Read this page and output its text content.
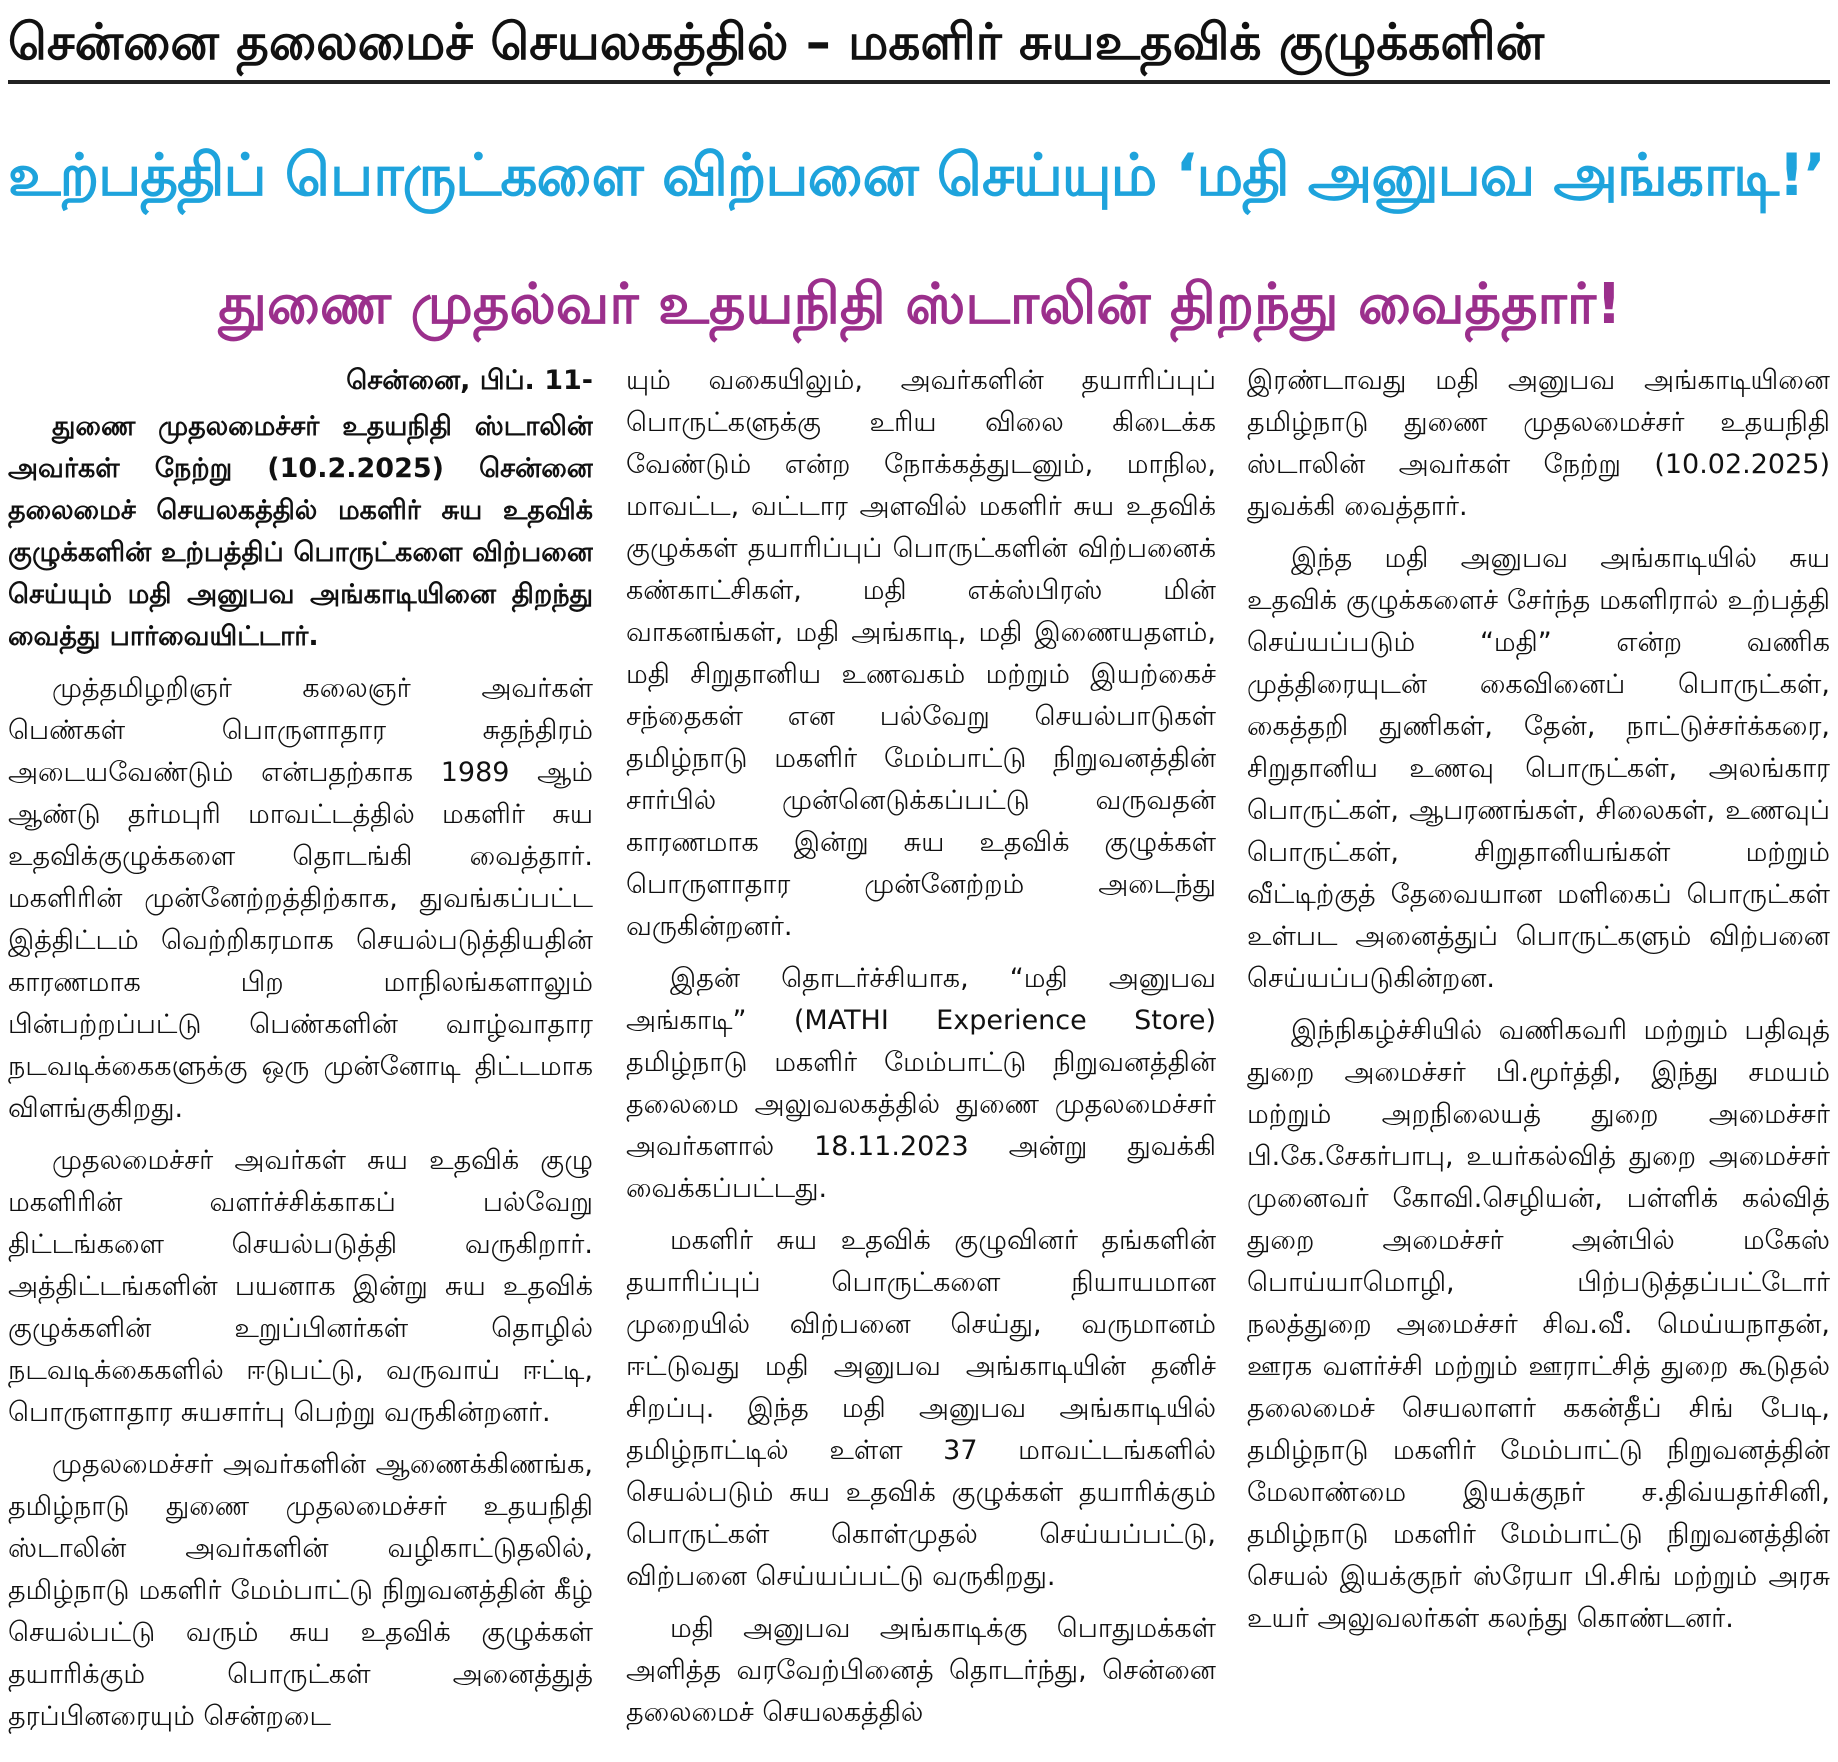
சென்னை தலைமைச் செயலகத்தில் – மகளிர் சுயஉதவிக் குழுக்களின்
உற்பத்திப் பொருட்களை விற்பனை செய்யும் ‘மதி அனுபவ அங்காடி!’
துணை முதல்வர் உதயநிதி ஸ்டாலின் திறந்து வைத்தார்!
சென்னை, பிப். 11-

துணை முதலமைச்சர் உதயநிதி ஸ்டாலின் அவர்கள் நேற்று (10.2.2025) சென்னை தலைமைச் செயலகத்தில் மகளிர் சுய உதவிக் குழுக்களின் உற்பத்திப் பொருட்களை விற்பனை செய்யும் மதி அனுபவ அங்காடியினை திறந்து வைத்து பார்வையிட்டார்.

முத்தமிழறிஞர் கலைஞர் அவர்கள் பெண்கள் பொருளாதார சுதந்திரம் அடையவேண்டும் என்பதற்காக 1989 ஆம் ஆண்டு தர்மபுரி மாவட்டத்தில் மகளிர் சுய உதவிக்குழுக்களை தொடங்கி வைத்தார். மகளிரின் முன்னேற்றத்திற்காக, துவங்கப்பட்ட இத்திட்டம் வெற்றிகரமாக செயல்படுத்தியதின் காரணமாக பிற மாநிலங்களாலும் பின்பற்றப்பட்டு பெண்களின் வாழ்வாதார நடவடிக்கைகளுக்கு ஒரு முன்னோடி திட்டமாக விளங்குகிறது.

முதலமைச்சர் அவர்கள் சுய உதவிக் குழு மகளிரின் வளர்ச்சிக்காகப் பல்வேறு திட்டங்களை செயல்படுத்தி வருகிறார். அத்திட்டங்களின் பயனாக இன்று சுய உதவிக் குழுக்களின் உறுப்பினர்கள் தொழில் நடவடிக்கைகளில் ஈடுபட்டு, வருவாய் ஈட்டி, பொருளாதார சுயசார்பு பெற்று வருகின்றனர்.

முதலமைச்சர் அவர்களின் ஆணைக்கிணங்க, தமிழ்நாடு துணை முதலமைச்சர் உதயநிதி ஸ்டாலின் அவர்களின் வழிகாட்டுதலில், தமிழ்நாடு மகளிர் மேம்பாட்டு நிறுவனத்தின் கீழ் செயல்பட்டு வரும் சுய உதவிக் குழுக்கள் தயாரிக்கும் பொருட்கள் அனைத்துத் தரப்பினரையும் சென்றடை

யும் வகையிலும், அவர்களின் தயாரிப்புப் பொருட்களுக்கு உரிய விலை கிடைக்க வேண்டும் என்ற நோக்கத்துடனும், மாநில, மாவட்ட, வட்டார அளவில் மகளிர் சுய உதவிக் குழுக்கள் தயாரிப்புப் பொருட்களின் விற்பனைக் கண்காட்சிகள், மதி எக்ஸ்பிரஸ் மின் வாகனங்கள், மதி அங்காடி, மதி இணையதளம், மதி சிறுதானிய உணவகம் மற்றும் இயற்கைச் சந்தைகள் என பல்வேறு செயல்பாடுகள் தமிழ்நாடு மகளிர் மேம்பாட்டு நிறுவனத்தின் சார்பில் முன்னெடுக்கப்பட்டு வருவதன் காரணமாக இன்று சுய உதவிக் குழுக்கள் பொருளாதார முன்னேற்றம் அடைந்து வருகின்றனர்.

இதன் தொடர்ச்சியாக, “மதி அனுபவ அங்காடி” (MATHI Experience Store) தமிழ்நாடு மகளிர் மேம்பாட்டு நிறுவனத்தின் தலைமை அலுவலகத்தில் துணை முதலமைச்சர் அவர்களால் 18.11.2023 அன்று துவக்கி வைக்கப்பட்டது.

மகளிர் சுய உதவிக் குழுவினர் தங்களின் தயாரிப்புப் பொருட்களை நியாயமான முறையில் விற்பனை செய்து, வருமானம் ஈட்டுவது மதி அனுபவ அங்காடியின் தனிச் சிறப்பு. இந்த மதி அனுபவ அங்காடியில் தமிழ்நாட்டில் உள்ள 37 மாவட்டங்களில் செயல்படும் சுய உதவிக் குழுக்கள் தயாரிக்கும் பொருட்கள் கொள்முதல் செய்யப்பட்டு, விற்பனை செய்யப்பட்டு வருகிறது.

மதி அனுபவ அங்காடிக்கு பொதுமக்கள் அளித்த வரவேற்பினைத் தொடர்ந்து, சென்னை தலைமைச் செயலகத்தில்

இரண்டாவது மதி அனுபவ அங்காடியினை தமிழ்நாடு துணை முதலமைச்சர் உதயநிதி ஸ்டாலின் அவர்கள் நேற்று (10.02.2025) துவக்கி வைத்தார்.

இந்த மதி அனுபவ அங்காடியில் சுய உதவிக் குழுக்களைச் சேர்ந்த மகளிரால் உற்பத்தி செய்யப்படும் “மதி” என்ற வணிக முத்திரையுடன் கைவினைப் பொருட்கள், கைத்தறி துணிகள், தேன், நாட்டுச்சர்க்கரை, சிறுதானிய உணவு பொருட்கள், அலங்கார பொருட்கள், ஆபரணங்கள், சிலைகள், உணவுப் பொருட்கள், சிறுதானியங்கள் மற்றும் வீட்டிற்குத் தேவையான மளிகைப் பொருட்கள் உள்பட அனைத்துப் பொருட்களும் விற்பனை செய்யப்படுகின்றன.

இந்நிகழ்ச்சியில் வணிகவரி மற்றும் பதிவுத் துறை அமைச்சர் பி.மூர்த்தி, இந்து சமயம் மற்றும் அறநிலையத் துறை அமைச்சர் பி.கே.சேகர்பாபு, உயர்கல்வித் துறை அமைச்சர் முனைவர் கோவி.செழியன், பள்ளிக் கல்வித் துறை அமைச்சர் அன்பில் மகேஸ் பொய்யாமொழி, பிற்படுத்தப்பட்டோர் நலத்துறை அமைச்சர் சிவ.வீ. மெய்யநாதன், ஊரக வளர்ச்சி மற்றும் ஊராட்சித் துறை கூடுதல் தலைமைச் செயலாளர் ககன்தீப் சிங் பேடி, தமிழ்நாடு மகளிர் மேம்பாட்டு நிறுவனத்தின் மேலாண்மை இயக்குநர் ச.திவ்யதர்சினி, தமிழ்நாடு மகளிர் மேம்பாட்டு நிறுவனத்தின் செயல் இயக்குநர் ஸ்ரேயா பி.சிங் மற்றும் அரசு உயர் அலுவலர்கள் கலந்து கொண்டனர்.
